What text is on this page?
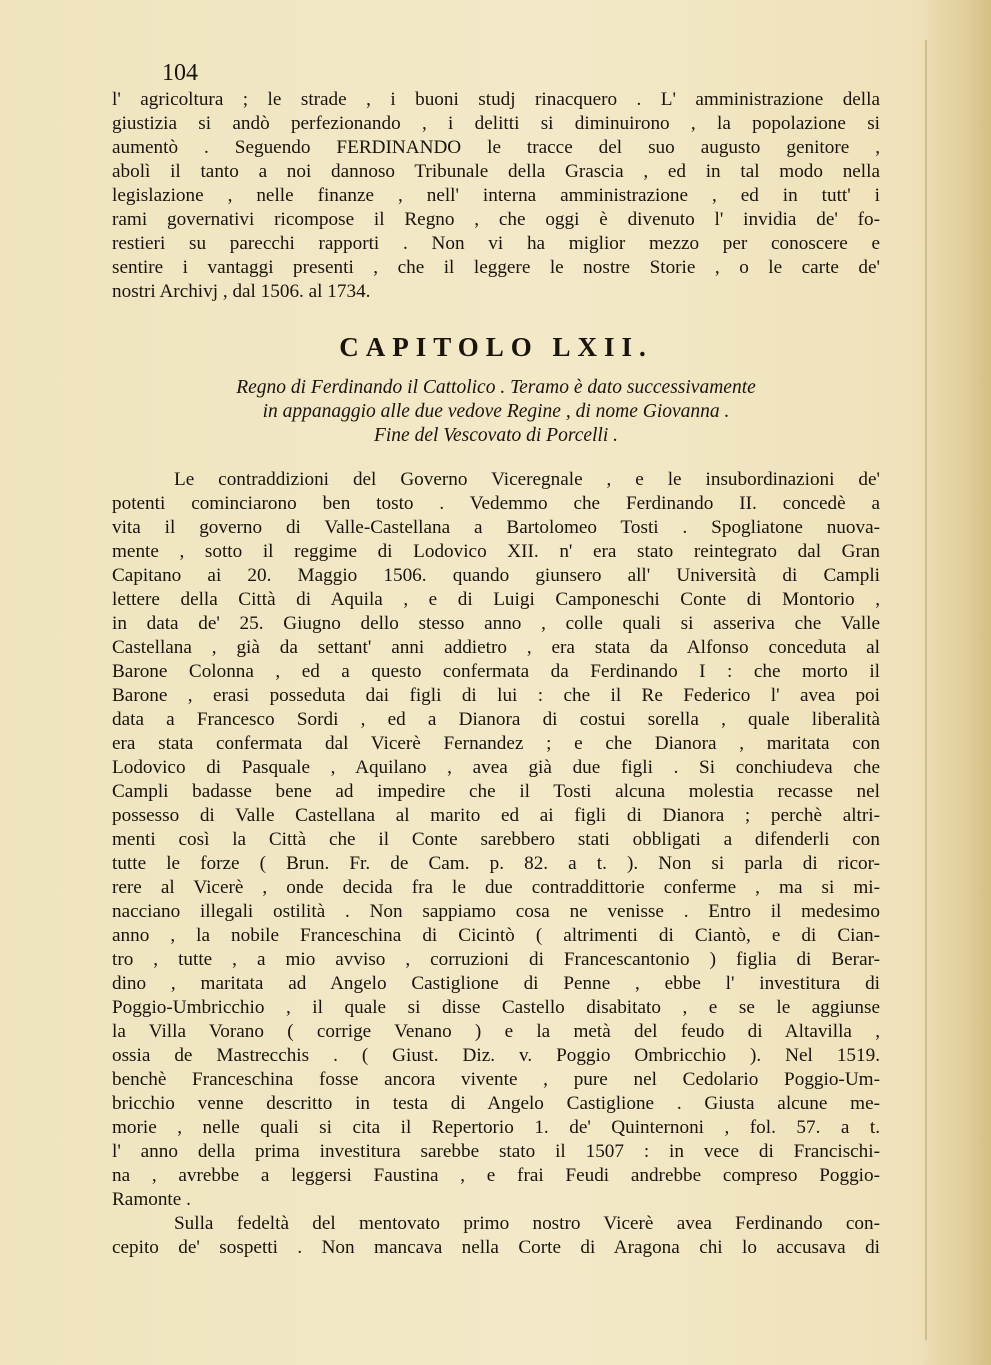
104
l' agricoltura ; le strade , i buoni studj rinacquero . L' amministrazione della
giustizia si andò perfezionando , i delitti si diminuirono , la popolazione si
aumentò . Seguendo FERDINANDO le tracce del suo augusto genitore ,
abolì il tanto a noi dannoso Tribunale della Grascia , ed in tal modo nella
legislazione , nelle finanze , nell' interna amministrazione , ed in tutt' i
rami governativi ricompose il Regno , che oggi è divenuto l' invidia de' fo-
restieri su parecchi rapporti . Non vi ha miglior mezzo per conoscere e
sentire i vantaggi presenti , che il leggere le nostre Storie , o le carte de'
nostri Archivj , dal 1506. al 1734.
CAPITOLO LXII.
Regno di Ferdinando il Cattolico . Teramo è dato successivamente
in appanaggio alle due vedove Regine , di nome Giovanna .
Fine del Vescovato di Porcelli .
Le contraddizioni del Governo Viceregnale , e le insubordinazioni de'
potenti cominciarono ben tosto . Vedemmo che Ferdinando II. concedè a
vita il governo di Valle-Castellana a Bartolomeo Tosti . Spogliatone nuova-
mente , sotto il reggime di Lodovico XII. n' era stato reintegrato dal Gran
Capitano ai 20. Maggio 1506. quando giunsero all' Università di Campli
lettere della Città di Aquila , e di Luigi Camponeschi Conte di Montorio ,
in data de' 25. Giugno dello stesso anno , colle quali si asseriva che Valle
Castellana , già da settant' anni addietro , era stata da Alfonso conceduta al
Barone Colonna , ed a questo confermata da Ferdinando I : che morto il
Barone , erasi posseduta dai figli di lui : che il Re Federico l' avea poi
data a Francesco Sordi , ed a Dianora di costui sorella , quale liberalità
era stata confermata dal Vicerè Fernandez ; e che Dianora , maritata con
Lodovico di Pasquale , Aquilano , avea già due figli . Si conchiudeva che
Campli badasse bene ad impedire che il Tosti alcuna molestia recasse nel
possesso di Valle Castellana al marito ed ai figli di Dianora ; perchè altri-
menti così la Città che il Conte sarebbero stati obbligati a difenderli con
tutte le forze ( Brun. Fr. de Cam. p. 82. a t. ). Non si parla di ricor-
rere al Vicerè , onde decida fra le due contraddittorie conferme , ma si mi-
nacciano illegali ostilità . Non sappiamo cosa ne venisse . Entro il medesimo
anno , la nobile Franceschina di Cicintò ( altrimenti di Ciantò, e di Cian-
tro , tutte , a mio avviso , corruzioni di Francescantonio ) figlia di Berar-
dino , maritata ad Angelo Castiglione di Penne , ebbe l' investitura di
Poggio-Umbricchio , il quale si disse Castello disabitato , e se le aggiunse
la Villa Vorano ( corrige Venano ) e la metà del feudo di Altavilla ,
ossia de Mastrecchis . ( Giust. Diz. v. Poggio Ombricchio ). Nel 1519.
benchè Franceschina fosse ancora vivente , pure nel Cedolario Poggio-Um-
bricchio venne descritto in testa di Angelo Castiglione . Giusta alcune me-
morie , nelle quali si cita il Repertorio 1. de' Quinternoni , fol. 57. a t.
l' anno della prima investitura sarebbe stato il 1507 : in vece di Francischi-
na , avrebbe a leggersi Faustina , e frai Feudi andrebbe compreso Poggio-
Ramonte .
Sulla fedeltà del mentovato primo nostro Vicerè avea Ferdinando con-
cepito de' sospetti . Non mancava nella Corte di Aragona chi lo accusava di
